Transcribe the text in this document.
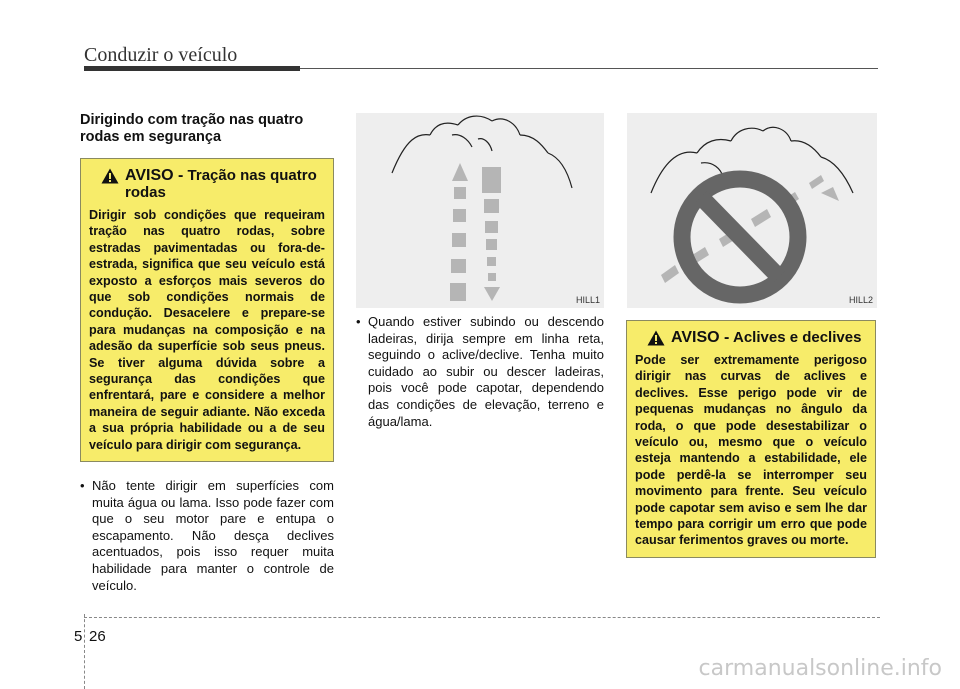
Conduzir o veículo
Dirigindo com tração nas quatro rodas em segurança
AVISO - Tração nas quatro rodas
Dirigir sob condições que requeiram tração nas quatro rodas, sobre estradas pavimentadas ou fora-de-estrada, significa que seu veículo está exposto a esforços mais severos do que sob condições normais de condução. Desacelere e prepare-se para mudanças na composição e na adesão da superfície sob seus pneus. Se tiver alguma dúvida sobre a segurança das condições que enfrentará, pare e considere a melhor maneira de seguir adiante. Não exceda a sua própria habilidade ou a de seu veículo para dirigir com segurança.
• Não tente dirigir em superfícies com muita água ou lama. Isso pode fazer com que o seu motor pare e entupa o escapamento. Não desça declives acentuados, pois isso requer muita habilidade para manter o controle de veículo.
HILL1	HILL2
• Quando estiver subindo ou descendo ladeiras, dirija sempre em linha reta, seguindo o aclive/declive. Tenha muito cuidado ao subir ou descer ladeiras, pois você pode capotar, dependendo das condições de elevação, terreno e água/lama.
AVISO - Aclives e declives
Pode ser extremamente perigoso dirigir nas curvas de aclives e declives. Esse perigo pode vir de pequenas mudanças no ângulo da roda, o que pode desestabilizar o veículo ou, mesmo que o veículo esteja mantendo a estabilidade, ele pode perdê-la se interromper seu movimento para frente. Seu veículo pode capotar sem aviso e sem lhe dar tempo para corrigir um erro que pode causar ferimentos graves ou morte.
5 26
carmanualsonline.info
